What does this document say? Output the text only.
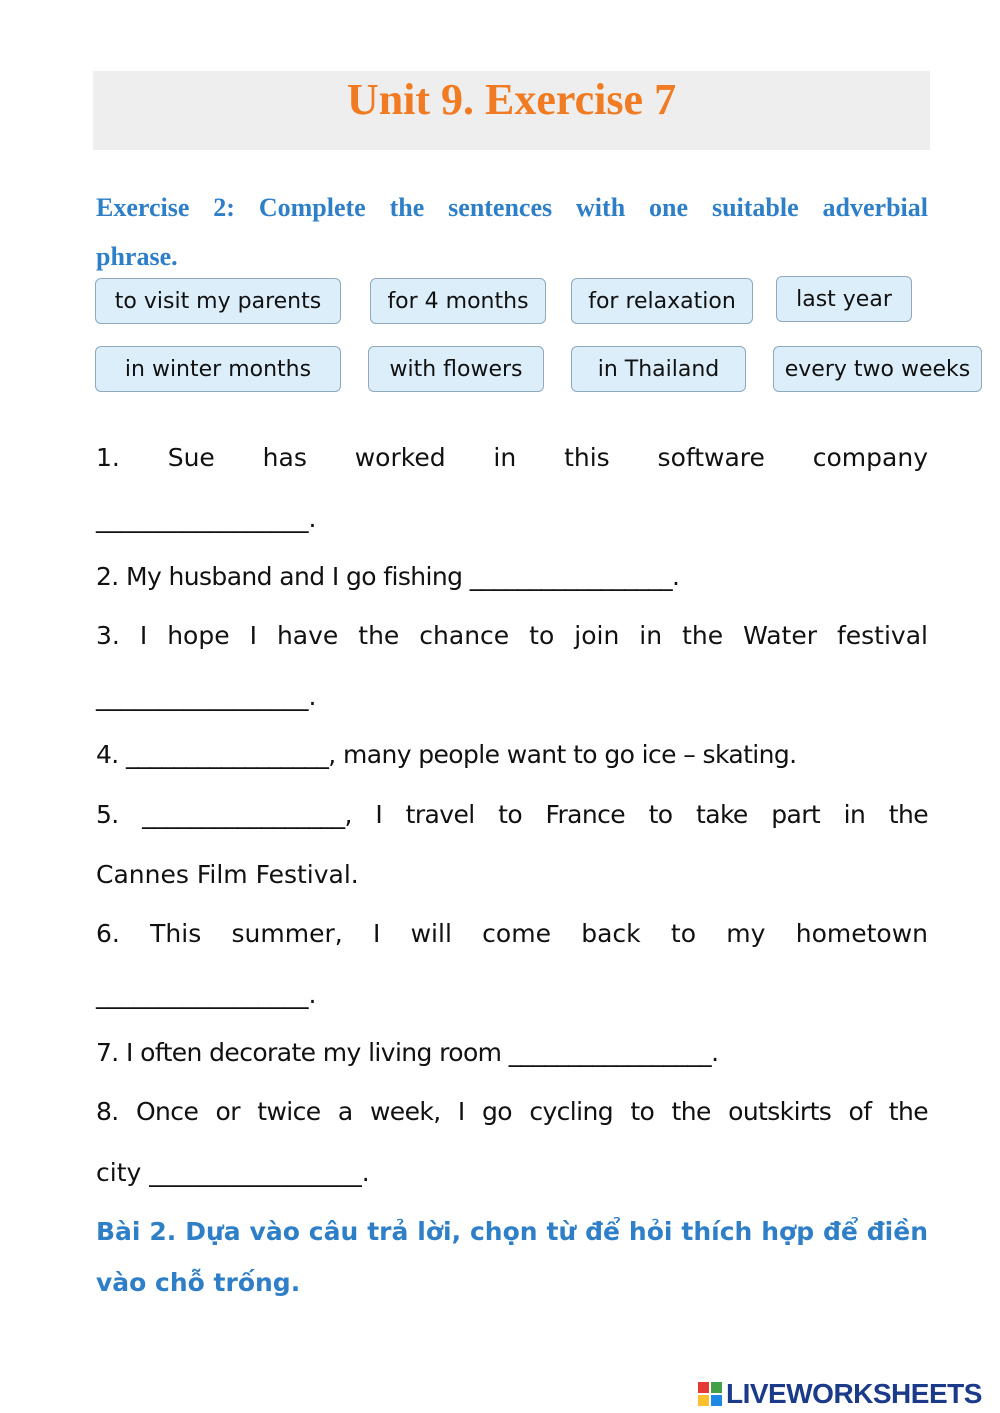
Unit 9. Exercise 7
Exercise 2: Complete the sentences with one suitable adverbial
phrase.
to visit my parents	for 4 months	for relaxation	last year
in winter months	with flowers	in Thailand	every two weeks
1. Sue has worked in this software company
_________________.
2. My husband and I go fishing _________________.
3. I hope I have the chance to join in the Water festival
_________________.
4. _________________, many people want to go ice – skating.
5. _________________, I travel to France to take part in the
Cannes Film Festival.
6. This summer, I will come back to my hometown
_________________.
7. I often decorate my living room _________________.
8. Once or twice a week, I go cycling to the outskirts of the
city _________________.
Bài 2. Dựa vào câu trả lời, chọn từ để hỏi thích hợp để điền
vào chỗ trống.
LIVEWORKSHEETS
